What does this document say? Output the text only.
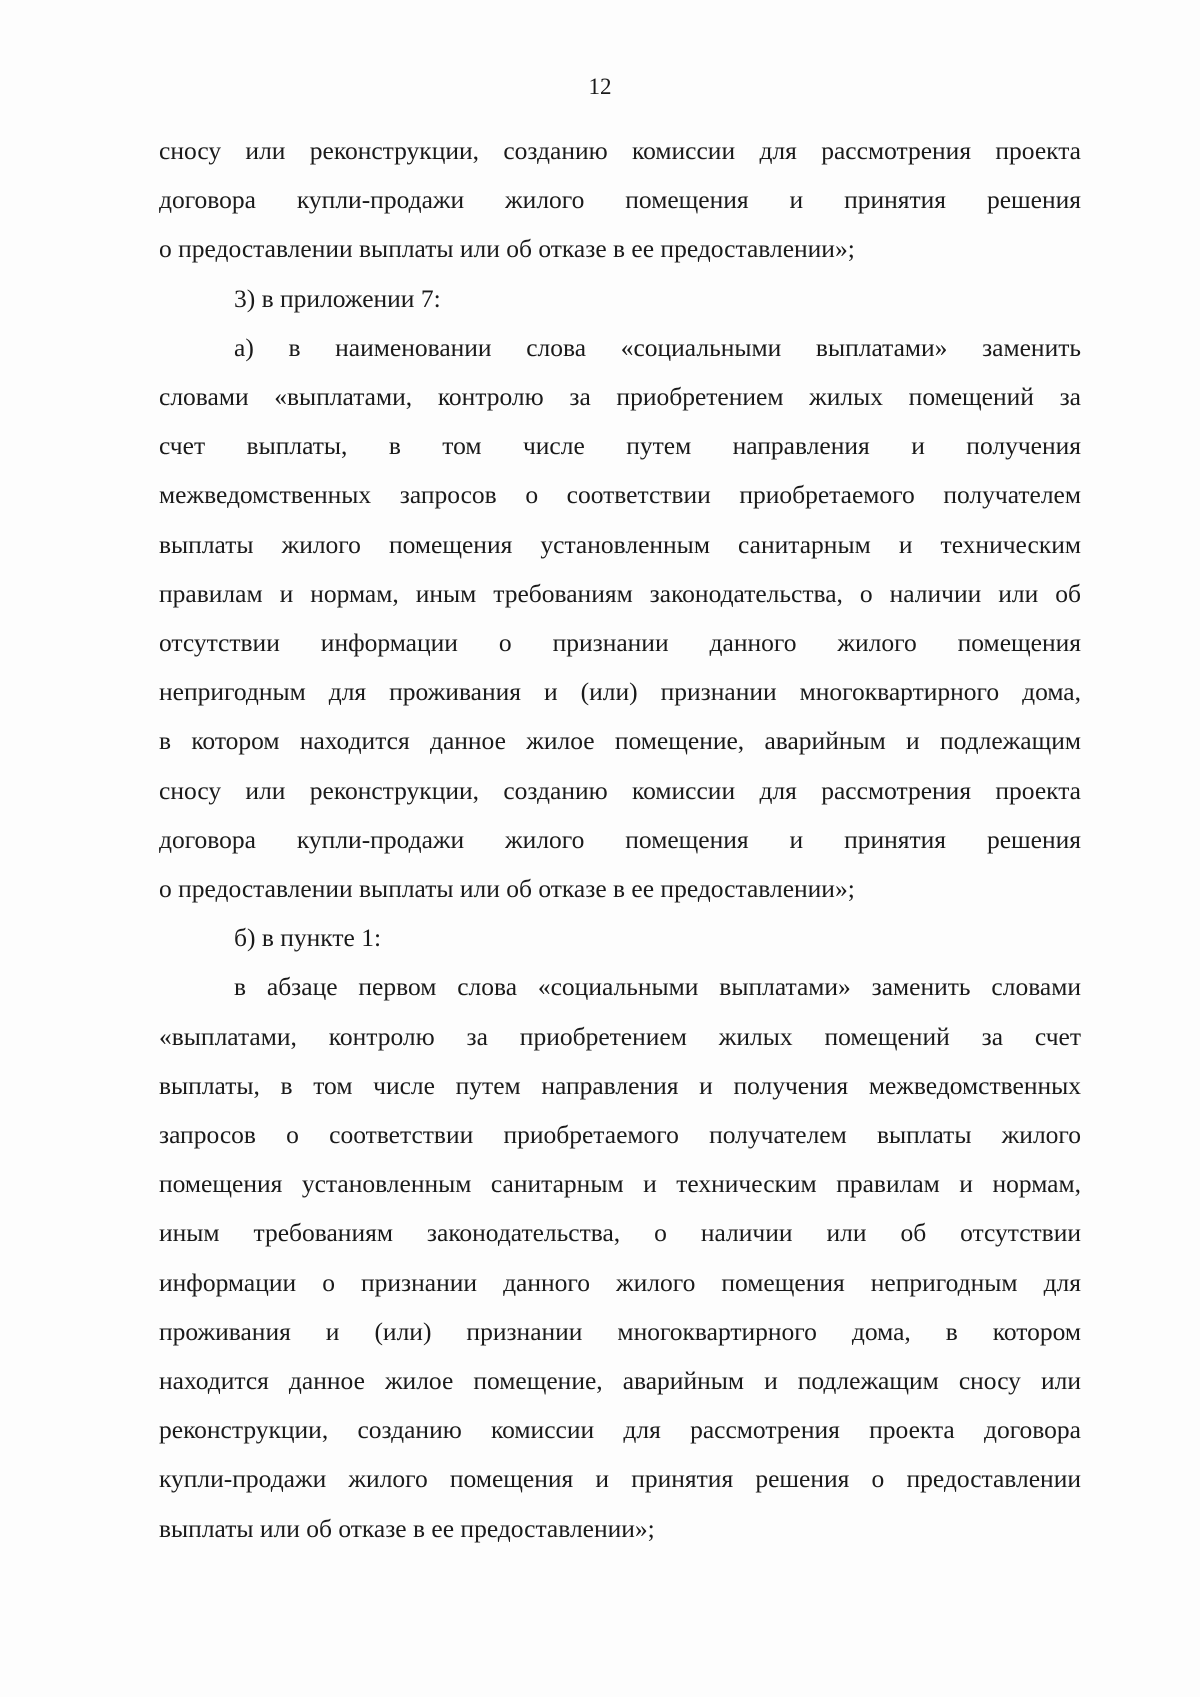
12

сносу или реконструкции, созданию комиссии для рассмотрения проекта
договора купли-продажи жилого помещения и принятия решения
о предоставлении выплаты или об отказе в ее предоставлении»;

3) в приложении 7:

а) в наименовании слова «социальными выплатами» заменить
словами «выплатами, контролю за приобретением жилых помещений за
счет выплаты, в том числе путем направления и получения
межведомственных запросов о соответствии приобретаемого получателем
выплаты жилого помещения установленным санитарным и техническим
правилам и нормам, иным требованиям законодательства, о наличии или об
отсутствии информации о признании данного жилого помещения
непригодным для проживания и (или) признании многоквартирного дома,
в котором находится данное жилое помещение, аварийным и подлежащим
сносу или реконструкции, созданию комиссии для рассмотрения проекта
договора купли-продажи жилого помещения и принятия решения
о предоставлении выплаты или об отказе в ее предоставлении»;

б) в пункте 1:

в абзаце первом слова «социальными выплатами» заменить словами
«выплатами, контролю за приобретением жилых помещений за счет
выплаты, в том числе путем направления и получения межведомственных
запросов о соответствии приобретаемого получателем выплаты жилого
помещения установленным санитарным и техническим правилам и нормам,
иным требованиям законодательства, о наличии или об отсутствии
информации о признании данного жилого помещения непригодным для
проживания и (или) признании многоквартирного дома, в котором
находится данное жилое помещение, аварийным и подлежащим сносу или
реконструкции, созданию комиссии для рассмотрения проекта договора
купли-продажи жилого помещения и принятия решения о предоставлении
выплаты или об отказе в ее предоставлении»;
